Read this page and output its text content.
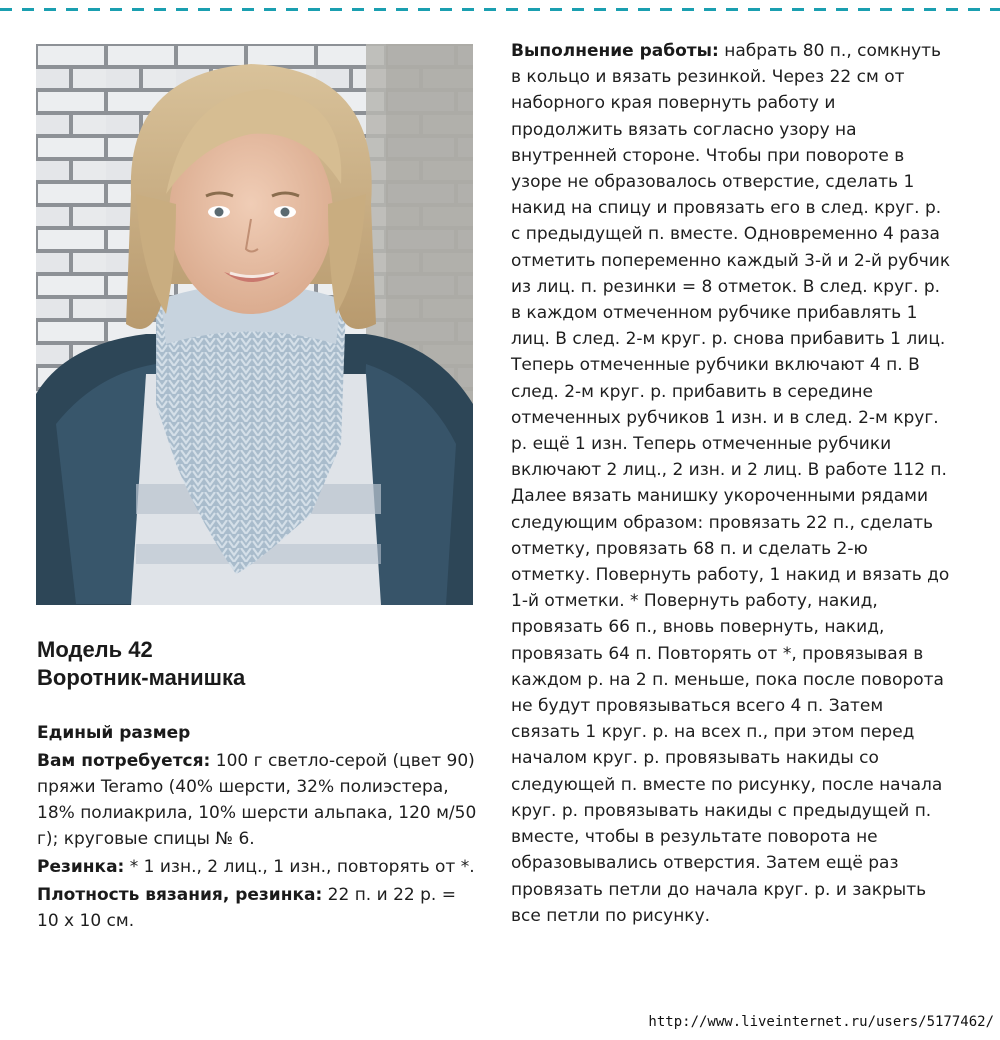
Модель 42
Воротник-манишка

Единый размер

Вам потребуется: 100 г светло-серой (цвет 90) пряжи Teramo (40% шерсти, 32% полиэстера, 18% полиакрила, 10% шерсти альпака, 120 м/50 г); круговые спицы № 6.

Резинка: * 1 изн., 2 лиц., 1 изн., повторять от *.

Плотность вязания, резинка: 22 п. и 22 р. = 10 х 10 см.

Выполнение работы: набрать 80 п., сомкнуть в кольцо и вязать резинкой. Через 22 см от наборного края повернуть работу и продолжить вязать согласно узору на внутренней стороне. Чтобы при повороте в узоре не образовалось отверстие, сделать 1 накид на спицу и провязать его в след. круг. р. с предыдущей п. вместе. Одновременно 4 раза отметить попеременно каждый 3-й и 2-й рубчик из лиц. п. резинки = 8 отметок. В след. круг. р. в каждом отмеченном рубчике прибавлять 1 лиц. В след. 2-м круг. р. снова прибавить 1 лиц. Теперь отмеченные рубчики включают 4 п. В след. 2-м круг. р. прибавить в середине отмеченных рубчиков 1 изн. и в след. 2-м круг. р. ещё 1 изн. Теперь отмеченные рубчики включают 2 лиц., 2 изн. и 2 лиц. В работе 112 п. Далее вязать манишку укороченными рядами следующим образом: провязать 22 п., сделать отметку, провязать 68 п. и сделать 2-ю отметку. Повернуть работу, 1 накид и вязать до 1-й отметки. * Повернуть работу, накид, провязать 66 п., вновь повернуть, накид, провязать 64 п. Повторять от *, провязывая в каждом р. на 2 п. меньше, пока после поворота не будут провязываться всего 4 п. Затем связать 1 круг. р. на всех п., при этом перед началом круг. р. провязывать накиды со следующей п. вместе по рисунку, после начала круг. р. провязывать накиды с предыдущей п. вместе, чтобы в результате поворота не образовывались отверстия. Затем ещё раз провязать петли до начала круг. р. и закрыть все петли по рисунку.

http://www.liveinternet.ru/users/5177462/
